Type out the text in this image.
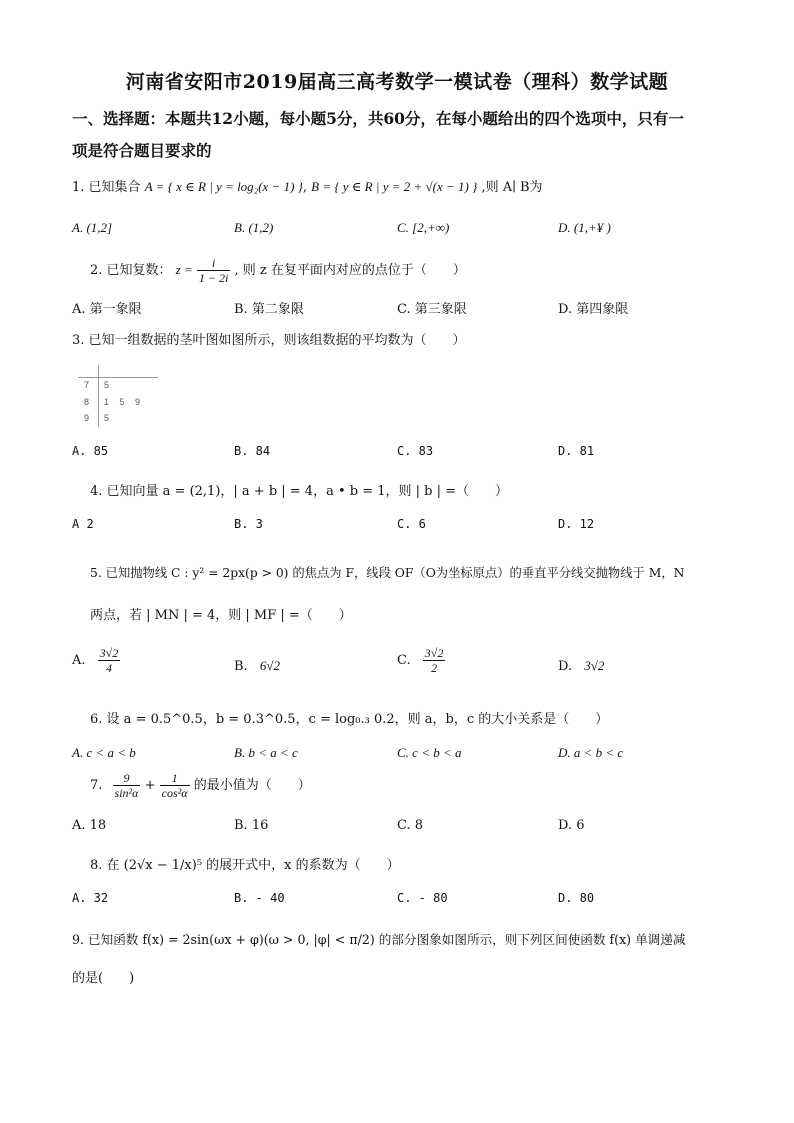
河南省安阳市2019届高三高考数学一模试卷（理科）数学试题
一、选择题：本题共12小题，每小题5分，共60分，在每小题给出的四个选项中，只有一
项是符合题目要求的
1. 已知集合 A = { x ∈ R | y = log₂(x − 1) }, B = { y ∈ R | y = 2 + √(x − 1) } ,则 A∣ B为
A. (1,2]	B. (1,2)	C. [2,+∞)	D. (1,+¥ )
2. 已知复数： $z = \frac{i}{1 - 2i}$ , 则 z 在复平面内对应的点位于（　　）
A. 第一象限	B. 第二象限	C. 第三象限	D. 第四象限
3. 已知一组数据的茎叶图如图所示，则该组数据的平均数为（　　）
7 5
8 1 5 9
9 5
A. 85	B. 84	C. 83	D. 81
4. 已知向量 a = (2,1)，| a + b | = 4，a • b = 1，则 | b | =（　　）
A 2	B. 3	C. 6	D. 12
5. 已知抛物线 C : y² = 2px(p > 0) 的焦点为 F，线段 OF（O为坐标原点）的垂直平分线交抛物线于 M，N
两点，若 | MN | = 4，则 | MF | =（　　）
A. $\frac{3√2}{4}$	B. 6√2	C. $\frac{3√2}{2}$	D. 3√2
6. 设 a = 0.5^0.5，b = 0.3^0.5，c = log₀.₃ 0.2，则 a，b，c 的大小关系是（　　）
A. c < a < b	B. b < a < c	C. c < b < a	D. a < b < c
7. $\frac{9}{\text{sin²α}} + \frac{1}{\text{cos²α}}$ 的最小值为（　　）
A. 18	B. 16	C. 8	D. 6
8. 在 (2√x − 1/x)⁵ 的展开式中，x 的系数为（　　）
A. 32	B. - 40	C. - 80	D. 80
9. 已知函数 f(x) = 2sin(ωx + φ)(ω > 0, |φ| < π/2) 的部分图象如图所示，则下列区间使函数 f(x) 单调递减
的是(　　)
